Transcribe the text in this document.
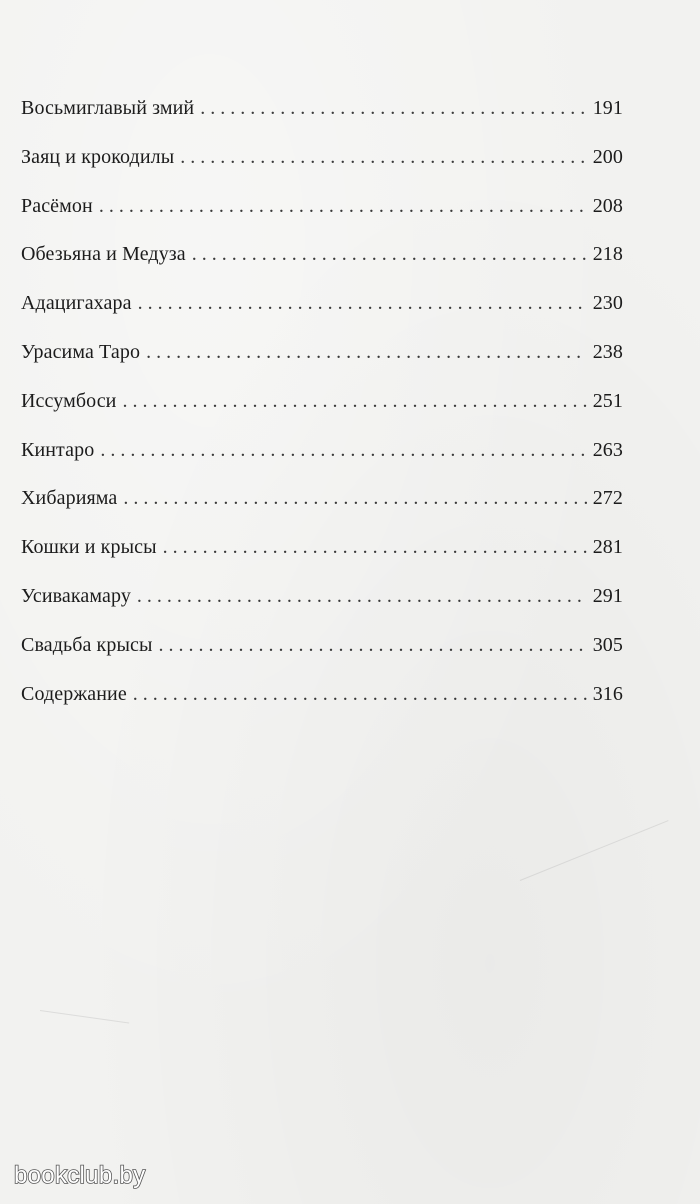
Восьмиглавый змий . . .	191
Заяц и крокодилы . . .	200
Расёмон . . .	208
Обезьяна и Медуза . . .	218
Адацигахара . . .	230
Урасима Таро . . .	238
Иссумбоси . . .	251
Кинтаро . . .	263
Хибарияма . . .	272
Кошки и крысы . . .	281
Усивакамару . . .	291
Свадьба крысы . . .	305
Содержание . . .	316
bookclub.by
